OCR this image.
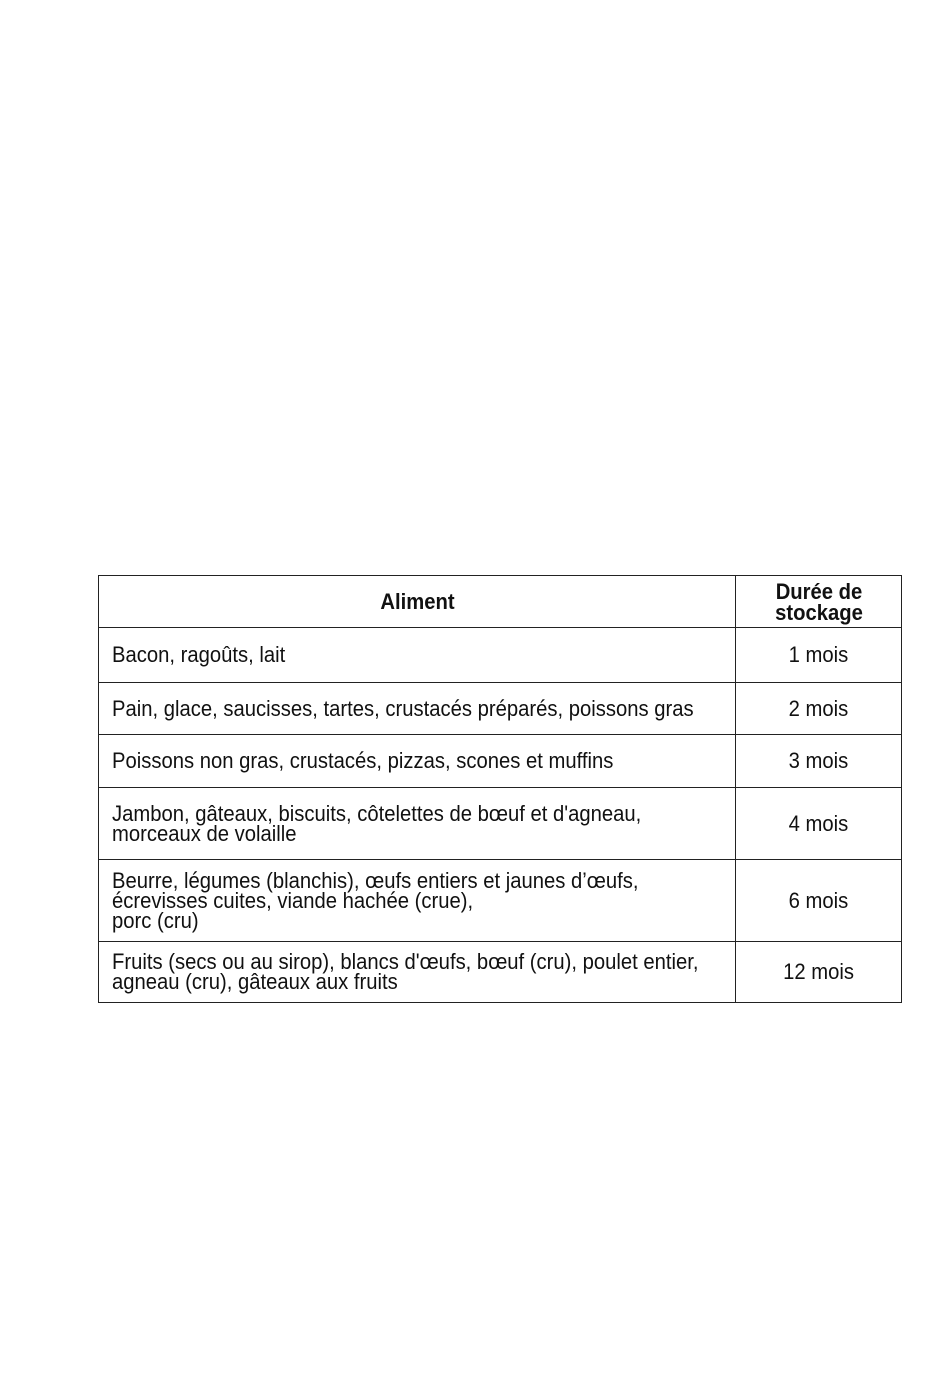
Aliment	Durée de
stockage

Bacon, ragoûts, lait	1 mois
Pain, glace, saucisses, tartes, crustacés préparés, poissons gras	2 mois
Poissons non gras, crustacés, pizzas, scones et muffins	3 mois
Jambon, gâteaux, biscuits, côtelettes de bœuf et d'agneau, morceaux de volaille	4 mois
Beurre, légumes (blanchis), œufs entiers et jaunes d’œufs, écrevisses cuites, viande hachée (crue),
porc (cru)	6 mois
Fruits (secs ou au sirop), blancs d'œufs, bœuf (cru), poulet entier, agneau (cru), gâteaux aux fruits	12 mois
